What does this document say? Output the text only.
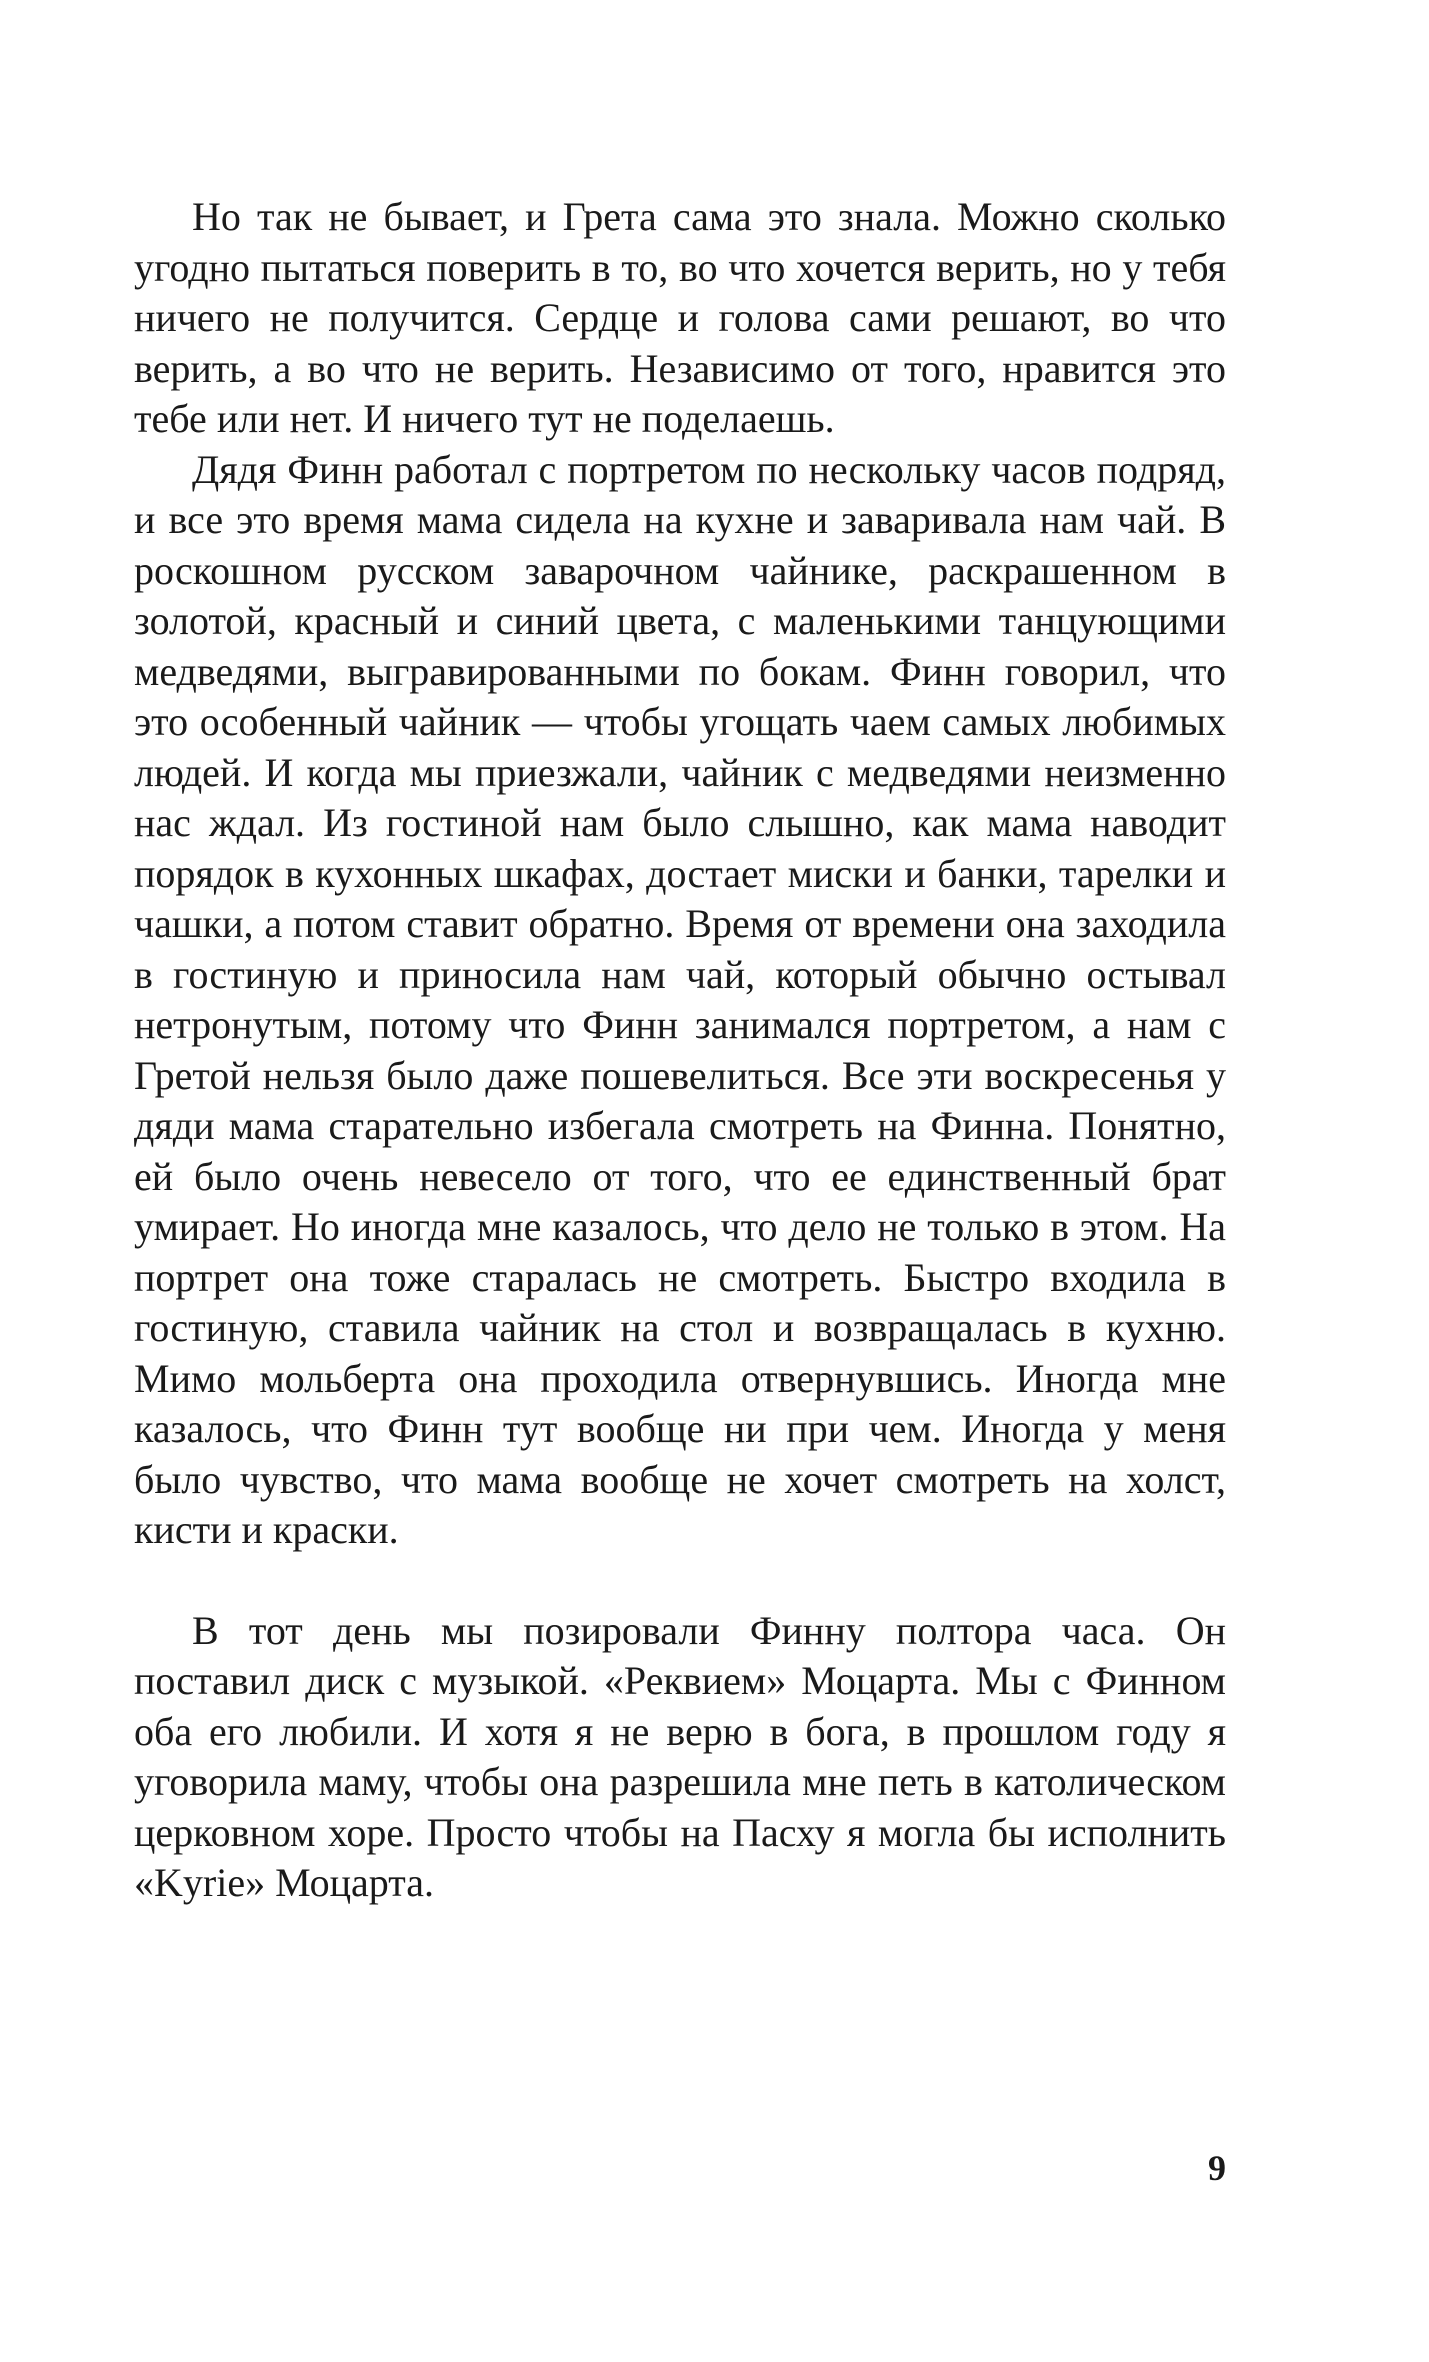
Но так не бывает, и Грета сама это знала. Можно сколько угодно пытаться поверить в то, во что хочется верить, но у тебя ничего не получится. Сердце и голова сами решают, во что верить, а во что не верить. Независимо от того, нравится это тебе или нет. И ничего тут не поделаешь.

Дядя Финн работал с портретом по нескольку часов подряд, и все это время мама сидела на кухне и заваривала нам чай. В роскошном русском заварочном чайнике, раскрашенном в золотой, красный и синий цвета, с маленькими танцующими медведями, выгравированными по бокам. Финн говорил, что это особенный чайник — чтобы угощать чаем самых любимых людей. И когда мы приезжали, чайник с медведями неизменно нас ждал. Из гостиной нам было слышно, как мама наводит порядок в кухонных шкафах, достает миски и банки, тарелки и чашки, а потом ставит обратно. Время от времени она заходила в гостиную и приносила нам чай, который обычно остывал нетронутым, потому что Финн занимался портретом, а нам с Гретой нельзя было даже пошевелиться. Все эти воскресенья у дяди мама старательно избегала смотреть на Финна. Понятно, ей было очень невесело от того, что ее единственный брат умирает. Но иногда мне казалось, что дело не только в этом. На портрет она тоже старалась не смотреть. Быстро входила в гостиную, ставила чайник на стол и возвращалась в кухню. Мимо мольберта она проходила отвернувшись. Иногда мне казалось, что Финн тут вообще ни при чем. Иногда у меня было чувство, что мама вообще не хочет смотреть на холст, кисти и краски.

В тот день мы позировали Финну полтора часа. Он поставил диск с музыкой. «Реквием» Моцарта. Мы с Финном оба его любили. И хотя я не верю в бога, в прошлом году я уговорила маму, чтобы она разрешила мне петь в католическом церковном хоре. Просто чтобы на Пасху я могла бы исполнить «Kyrie» Моцарта.

9
